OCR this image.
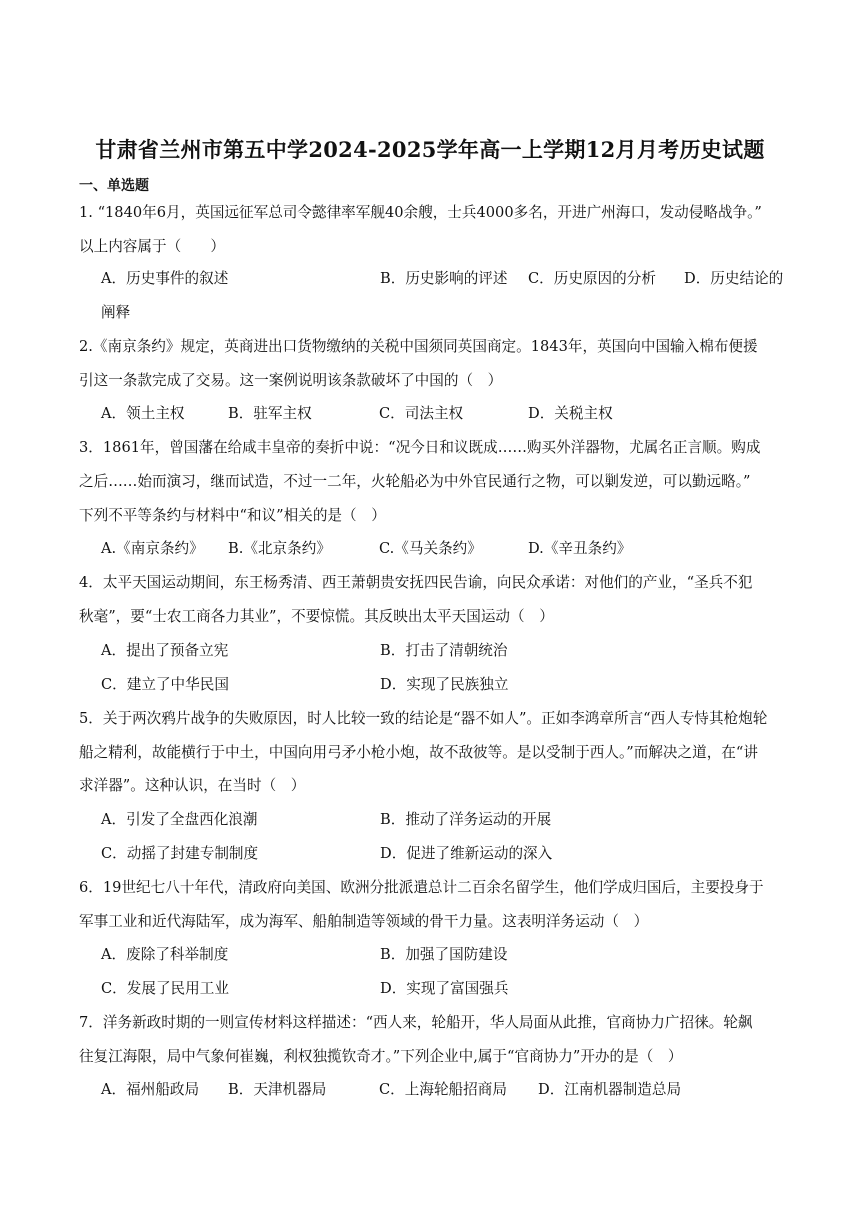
甘肃省兰州市第五中学2024-2025学年高一上学期12月月考历史试题
一、单选题
1. “1840年6月，英国远征军总司令懿律率军舰40余艘，士兵4000多名，开进广州海口，发动侵略战争。”
以上内容属于（　　）
A．历史事件的叙述	B．历史影响的评述 C．历史原因的分析 D．历史结论的
阐释
2.《南京条约》规定，英商进出口货物缴纳的关税中国须同英国商定。1843年，英国向中国输入棉布便援
引这一条款完成了交易。这一案例说明该条款破坏了中国的（　）
A．领土主权	B．驻军主权	C．司法主权	D．关税主权
3．1861年，曾国藩在给咸丰皇帝的奏折中说：“况今日和议既成……购买外洋器物，尤属名正言顺。购成
之后……始而演习，继而试造，不过一二年，火轮船必为中外官民通行之物，可以剿发逆，可以勤远略。”
下列不平等条约与材料中“和议”相关的是（　）
A.《南京条约》 B.《北京条约》	C.《马关条约》	D.《辛丑条约》
4．太平天国运动期间，东王杨秀清、西王萧朝贵安抚四民告谕，向民众承诺：对他们的产业，“圣兵不犯
秋毫”，要“士农工商各力其业”，不要惊慌。其反映出太平天国运动（　）
A．提出了预备立宪	B．打击了清朝统治
C．建立了中华民国	D．实现了民族独立
5．关于两次鸦片战争的失败原因，时人比较一致的结论是“器不如人”。正如李鸿章所言“西人专恃其枪炮轮
船之精利，故能横行于中土，中国向用弓矛小枪小炮，故不敌彼等。是以受制于西人。”而解决之道，在“讲
求洋器”。这种认识，在当时（　）
A．引发了全盘西化浪潮	B．推动了洋务运动的开展
C．动摇了封建专制制度	D．促进了维新运动的深入
6．19世纪七八十年代，清政府向美国、欧洲分批派遣总计二百余名留学生，他们学成归国后，主要投身于
军事工业和近代海陆军，成为海军、船舶制造等领域的骨干力量。这表明洋务运动（　）
A．废除了科举制度	B．加强了国防建设
C．发展了民用工业	D．实现了富国强兵
7．洋务新政时期的一则宣传材料这样描述：“西人来，轮船开，华人局面从此推，官商协力广招徕。轮飙
往复江海限，局中气象何崔巍，利权独揽钦奇才。”下列企业中,属于“官商协力”开办的是（　）
A．福州船政局 B．天津机器局	C．上海轮船招商局 D．江南机器制造总局
